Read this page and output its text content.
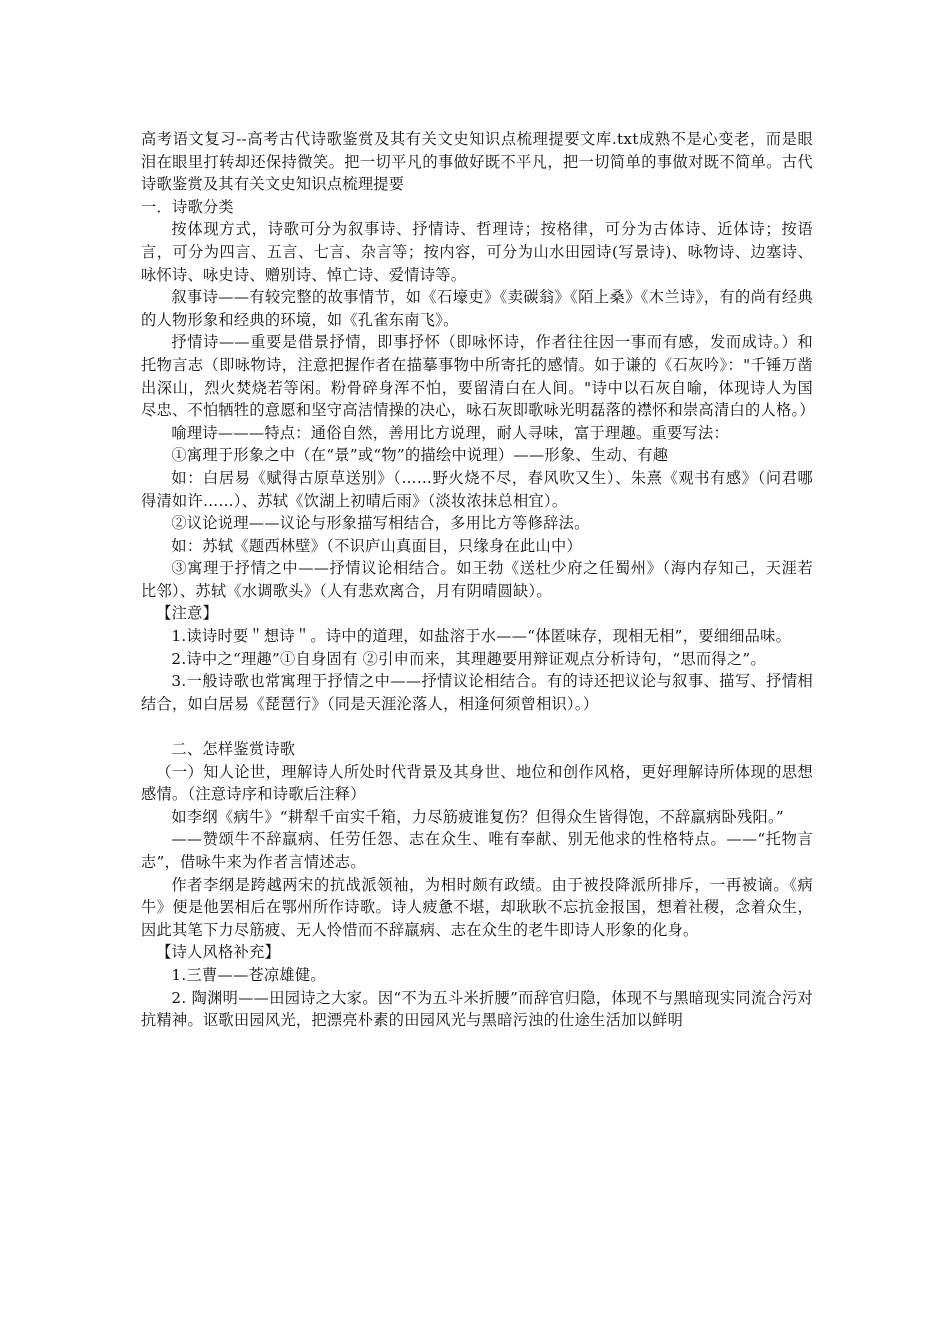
高考语文复习--高考古代诗歌鉴赏及其有关文史知识点梳理提要文库.txt成熟不是心变老，而是眼泪在眼里打转却还保持微笑。把一切平凡的事做好既不平凡，把一切简单的事做对既不简单。古代诗歌鉴赏及其有关文史知识点梳理提要

一．诗歌分类

按体现方式，诗歌可分为叙事诗、抒情诗、哲理诗；按格律，可分为古体诗、近体诗；按语言，可分为四言、五言、七言、杂言等；按内容，可分为山水田园诗(写景诗)、咏物诗、边塞诗、咏怀诗、咏史诗、赠别诗、悼亡诗、爱情诗等。

叙事诗——有较完整的故事情节，如《石壕吏》《卖碳翁》《陌上桑》《木兰诗》，有的尚有经典的人物形象和经典的环境，如《孔雀东南飞》。

抒情诗——重要是借景抒情，即事抒怀（即咏怀诗，作者往往因一事而有感，发而成诗。）和托物言志（即咏物诗，注意把握作者在描摹事物中所寄托的感情。如于谦的《石灰吟》："千锤万凿出深山，烈火焚烧若等闲。粉骨碎身浑不怕，要留清白在人间。"诗中以石灰自喻，体现诗人为国尽忠、不怕牺牲的意愿和坚守高洁情操的决心，咏石灰即歌咏光明磊落的襟怀和崇高清白的人格。）

喻理诗———特点：通俗自然，善用比方说理，耐人寻味，富于理趣。重要写法：

①寓理于形象之中（在“景”或“物”的描绘中说理）——形象、生动、有趣

如：白居易《赋得古原草送别》（……野火烧不尽，春风吹又生）、朱熹《观书有感》（问君哪得清如许……）、苏轼《饮湖上初晴后雨》（淡妆浓抹总相宜）。

②议论说理——议论与形象描写相结合，多用比方等修辞法。

如：苏轼《题西林壁》（不识庐山真面目，只缘身在此山中）

③寓理于抒情之中——抒情议论相结合。如王勃《送杜少府之任蜀州》（海内存知己，天涯若比邻）、苏轼《水调歌头》（人有悲欢离合，月有阴晴圆缺）。

【注意】

1.读诗时要＂想诗＂。诗中的道理，如盐溶于水——“体匿味存，现相无相”，要细细品味。

2.诗中之“理趣”①自身固有 ②引申而来，其理趣要用辩证观点分析诗句，“思而得之”。

3.一般诗歌也常寓理于抒情之中——抒情议论相结合。有的诗还把议论与叙事、描写、抒情相结合，如白居易《琵琶行》（同是天涯沦落人，相逢何须曾相识）。）

二、怎样鉴赏诗歌

（一）知人论世，理解诗人所处时代背景及其身世、地位和创作风格，更好理解诗所体现的思想感情。（注意诗序和诗歌后注释）

如李纲《病牛》“耕犁千亩实千箱，力尽筋疲谁复伤？但得众生皆得饱，不辞羸病卧残阳。”

——赞颂牛不辞羸病、任劳任怨、志在众生、唯有奉献、别无他求的性格特点。——“托物言志”，借咏牛来为作者言情述志。

作者李纲是跨越两宋的抗战派领袖，为相时颇有政绩。由于被投降派所排斥，一再被谪。《病牛》便是他罢相后在鄂州所作诗歌。诗人疲惫不堪，却耿耿不忘抗金报国，想着社稷，念着众生，因此其笔下力尽筋疲、无人怜惜而不辞羸病、志在众生的老牛即诗人形象的化身。

【诗人风格补充】

1.三曹——苍凉雄健。

2. 陶渊明——田园诗之大家。因“不为五斗米折腰”而辞官归隐，体现不与黑暗现实同流合污对抗精神。讴歌田园风光，把漂亮朴素的田园风光与黑暗污浊的仕途生活加以鲜明
